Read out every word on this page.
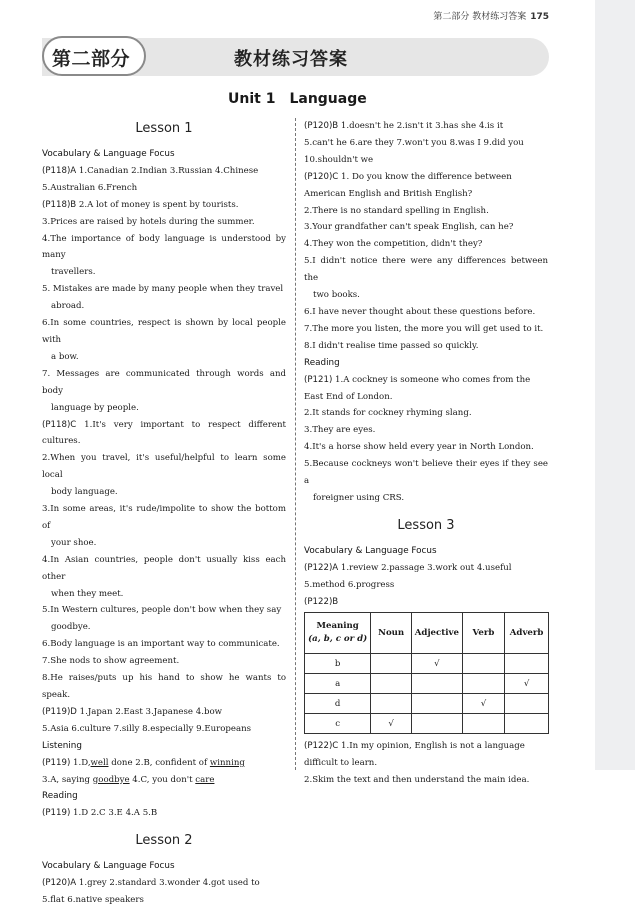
第二部分 教材练习答案 175
第二部分	教材练习答案
Unit 1 Language

Lesson 1

Vocabulary & Language Focus

(P118)A 1.Canadian 2.Indian 3.Russian 4.Chinese

5.Australian 6.French

(P118)B 2.A lot of money is spent by tourists.

3.Prices are raised by hotels during the summer.

4.The importance of body language is understood by many

travellers.

5. Mistakes are made by many people when they travel

abroad.

6.In some countries, respect is shown by local people with

a bow.

7. Messages are communicated through words and body

language by people.

(P118)C 1.It's very important to respect different cultures.

2.When you travel, it's useful/helpful to learn some local

body language.

3.In some areas, it's rude/impolite to show the bottom of

your shoe.

4.In Asian countries, people don't usually kiss each other

when they meet.

5.In Western cultures, people don't bow when they say

goodbye.

6.Body language is an important way to communicate.

7.She nods to show agreement.

8.He raises/puts up his hand to show he wants to speak.

(P119)D 1.Japan 2.East 3.Japanese 4.bow

5.Asia 6.culture 7.silly 8.especially 9.Europeans

Listening

(P119) 1.D,well done 2.B, confident of winning

3.A, saying goodbye 4.C, you don't care

Reading

(P119) 1.D 2.C 3.E 4.A 5.B

Lesson 2

Vocabulary & Language Focus

(P120)A 1.grey 2.standard 3.wonder 4.got used to

5.flat 6.native speakers

(P120)B 1.doesn't he 2.isn't it 3.has she 4.is it

5.can't he 6.are they 7.won't you 8.was I 9.did you

10.shouldn't we

(P120)C 1. Do you know the difference between

American English and British English?

2.There is no standard spelling in English.

3.Your grandfather can't speak English, can he?

4.They won the competition, didn't they?

5.I didn't notice there were any differences between the

two books.

6.I have never thought about these questions before.

7.The more you listen, the more you will get used to it.

8.I didn't realise time passed so quickly.

Reading

(P121) 1.A cockney is someone who comes from the

East End of London.

2.It stands for cockney rhyming slang.

3.They are eyes.

4.It's a horse show held every year in North London.

5.Because cockneys won't believe their eyes if they see a

foreigner using CRS.

Lesson 3

Vocabulary & Language Focus

(P122)A 1.review 2.passage 3.work out 4.useful

5.method 6.progress

(P122)B

Meaning
(a, b, c or d)	Noun	Adjective	Verb	Adverb
b		√		
a				√
d			√	
c	√			

(P122)C 1.In my opinion, English is not a language

difficult to learn.

2.Skim the text and then understand the main idea.
